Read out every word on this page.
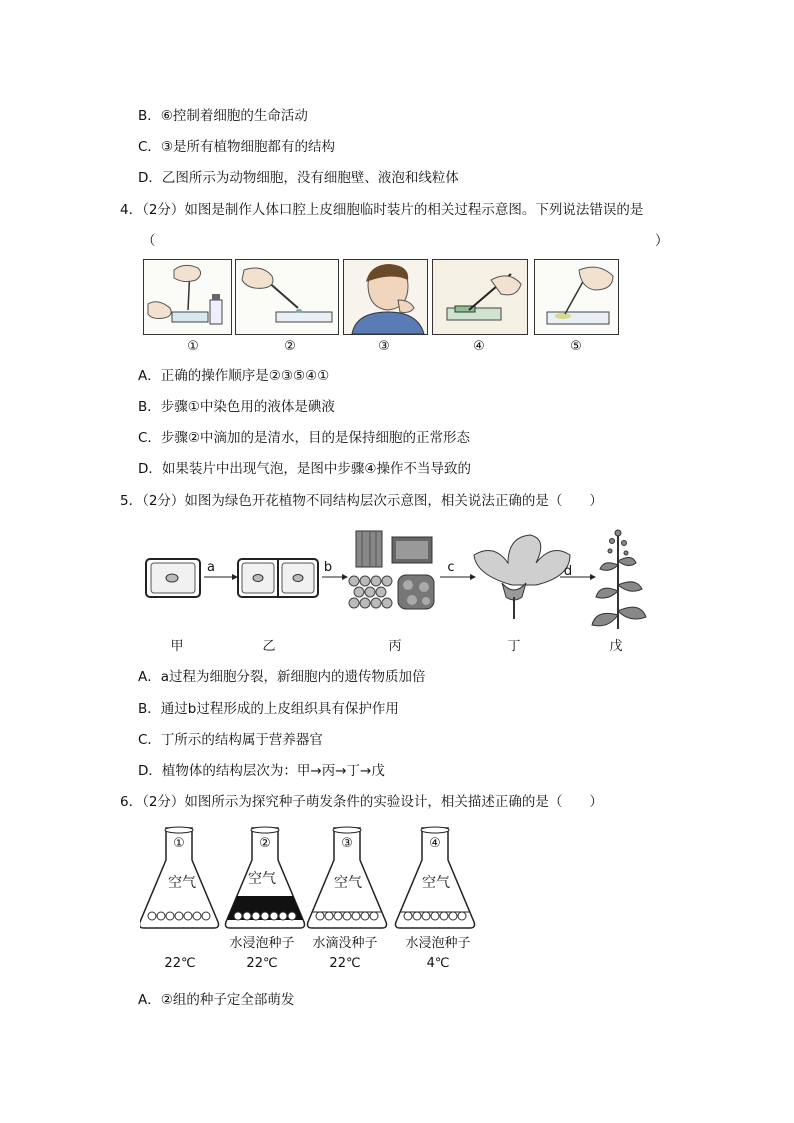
B．⑥控制着细胞的生命活动
C．③是所有植物细胞都有的结构
D．乙图所示为动物细胞，没有细胞壁、液泡和线粒体
4．（2分）如图是制作人体口腔上皮细胞临时装片的相关过程示意图。下列说法错误的是
（	）
①	②	③	④	⑤
A．正确的操作顺序是②③⑤④①
B．步骤①中染色用的液体是碘液
C．步骤②中滴加的是清水，目的是保持细胞的正常形态
D．如果装片中出现气泡，是图中步骤④操作不当导致的
5．（2分）如图为绿色开花植物不同结构层次示意图，相关说法正确的是（　　）
a	b	c	d
甲	乙	丙	丁	戊
A．a过程为细胞分裂，新细胞内的遗传物质加倍
B．通过b过程形成的上皮组织具有保护作用
C．丁所示的结构属于营养器官
D．植物体的结构层次为：甲→丙→丁→戊
6．（2分）如图所示为探究种子萌发条件的实验设计，相关描述正确的是（　　）
①	②	③	④
空气	空气	空气	空气
水浸泡种子	水滴没种子	水浸泡种子
22℃	22℃	22℃	4℃
A．②组的种子定全部萌发
